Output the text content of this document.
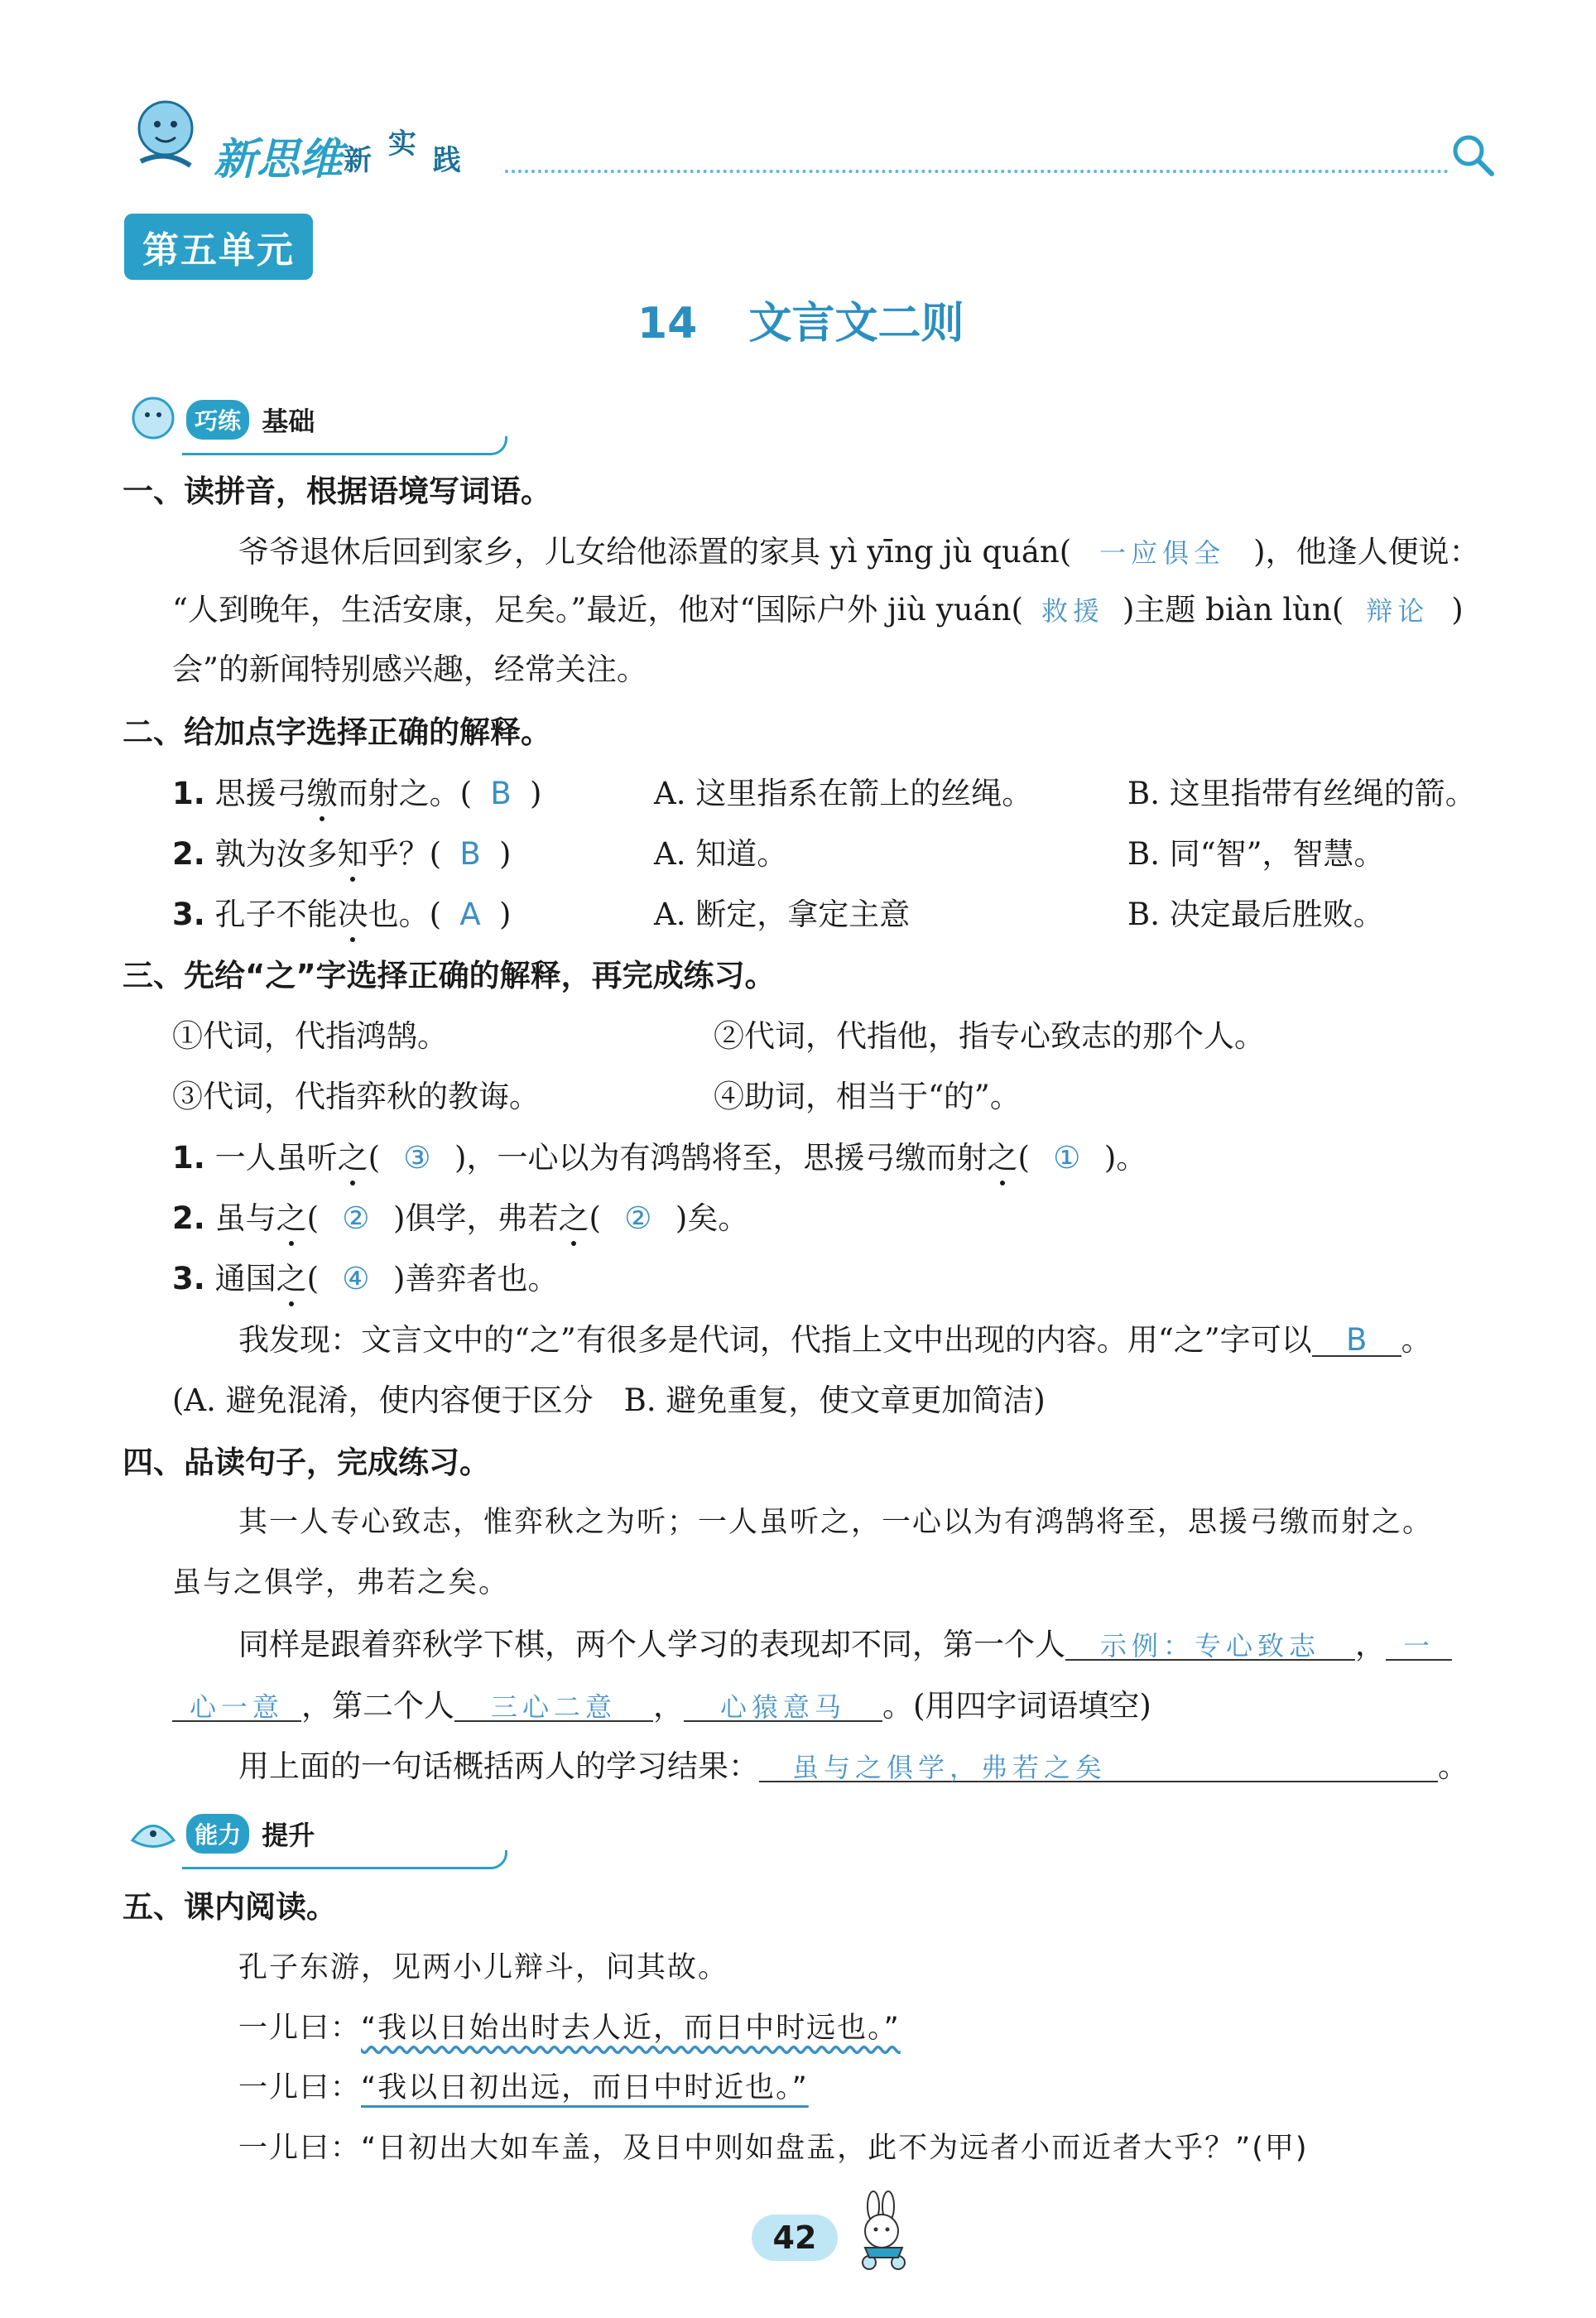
新思维 新 实 践
第五单元
14 文言文二则
巧练 基础
一、读拼音，根据语境写词语。
爷爷退休后回到家乡，儿女给他添置的家具 yì yīng jù quán( 一应俱全 )，他逢人便说：
“人到晚年，生活安康，足矣。”最近，他对“国际户外 jiù yuán( 救援 )主题 biàn lùn( 辩论 )
会”的新闻特别感兴趣，经常关注。
二、给加点字选择正确的解释。
1. 思援弓缴而射之。( B )	A. 这里指系在箭上的丝绳。	B. 这里指带有丝绳的箭。
2. 孰为汝多知乎？( B )	A. 知道。	B. 同“智”，智慧。
3. 孔子不能决也。( A )	A. 断定，拿定主意	B. 决定最后胜败。
三、先给“之”字选择正确的解释，再完成练习。
①代词，代指鸿鹄。	②代词，代指他，指专心致志的那个人。
③代词，代指弈秋的教诲。	④助词，相当于“的”。
1. 一人虽听之( ③ )，一心以为有鸿鹄将至，思援弓缴而射之( ① )。
2. 虽与之( ② )俱学，弗若之( ② )矣。
3. 通国之( ④ )善弈者也。
我发现：文言文中的“之”有很多是代词，代指上文中出现的内容。用“之”字可以 B 。
(A. 避免混淆，使内容便于区分　B. 避免重复，使文章更加简洁)
四、品读句子，完成练习。
其一人专心致志，惟弈秋之为听；一人虽听之，一心以为有鸿鹄将至，思援弓缴而射之。
虽与之俱学，弗若之矣。
同样是跟着弈秋学下棋，两个人学习的表现却不同，第一个人 示例：专心致志 ， 一
心一意 ，第二个人 三心二意 ， 心猿意马 。(用四字词语填空)
用上面的一句话概括两人的学习结果： 虽与之俱学，弗若之矣	。
能力 提升
五、课内阅读。
孔子东游，见两小儿辩斗，问其故。
一儿曰：“我以日始出时去人近，而日中时远也。”
一儿曰：“我以日初出远，而日中时近也。”
一儿曰：“日初出大如车盖，及日中则如盘盂，此不为远者小而近者大乎？”(甲)
42
